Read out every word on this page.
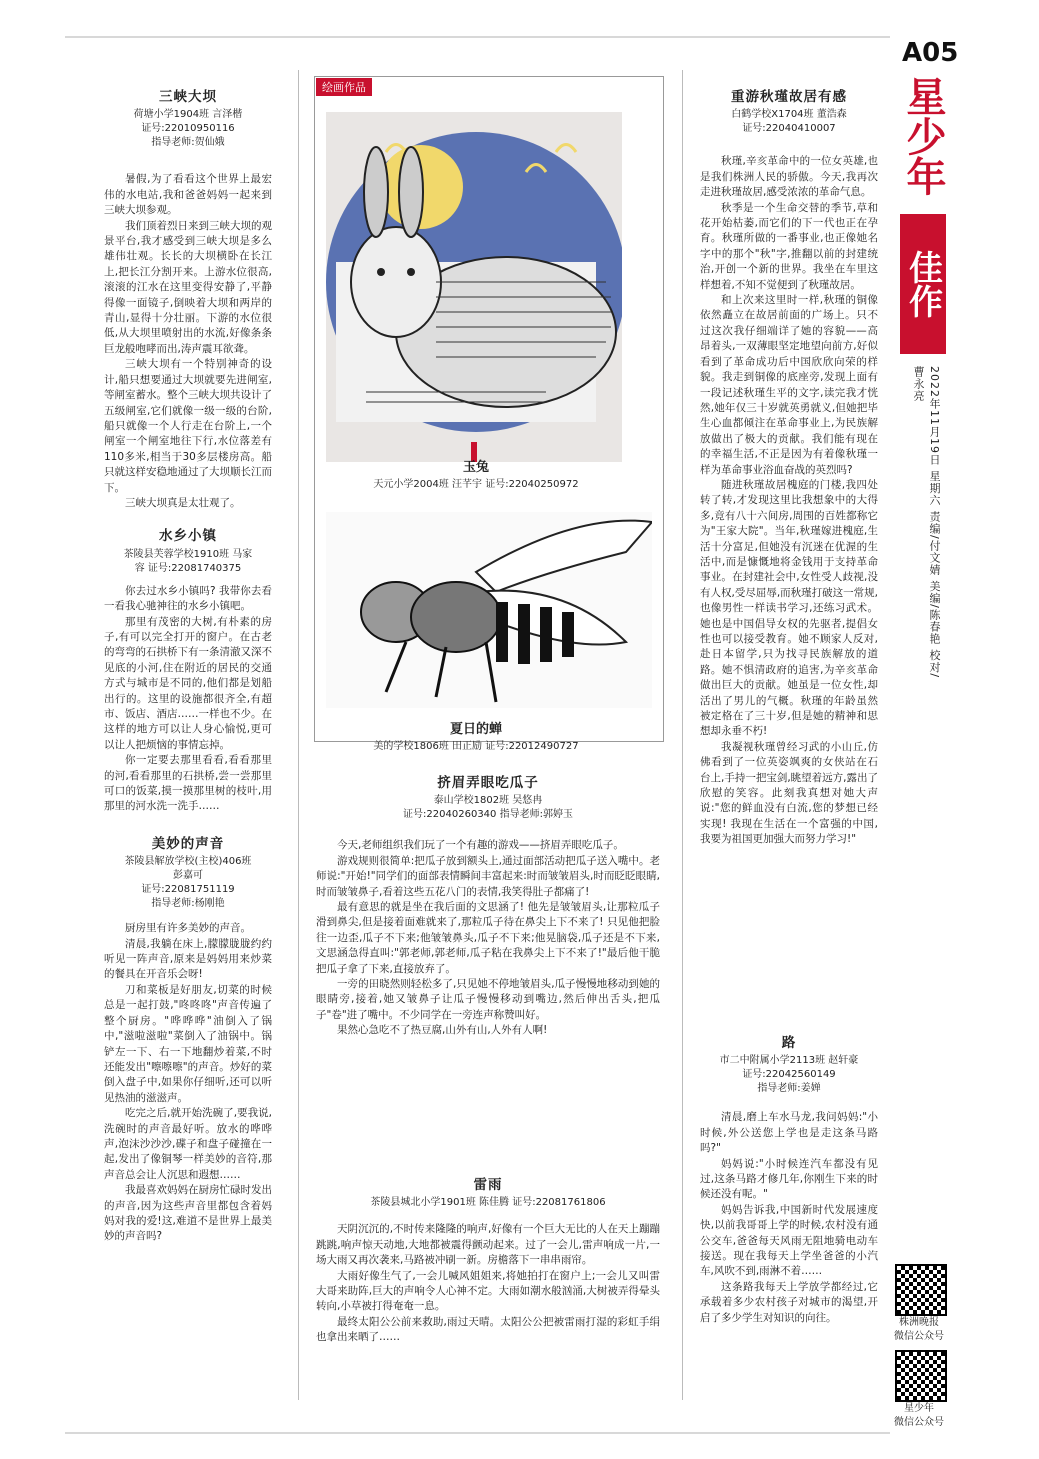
三峡大坝
荷塘小学1904班 言泽楷
证号:22010950116
指导老师:贺仙娥

暑假,为了看看这个世界上最宏伟的水电站,我和爸爸妈妈一起来到三峡大坝参观。

我们顶着烈日来到三峡大坝的观景平台,我才感受到三峡大坝是多么雄伟壮观。长长的大坝横卧在长江上,把长江分割开来。上游水位很高,滚滚的江水在这里变得安静了,平静得像一面镜子,倒映着大坝和两岸的青山,显得十分壮丽。下游的水位很低,从大坝里喷射出的水流,好像条条巨龙般咆哮而出,涛声震耳欲聋。

三峡大坝有一个特别神奇的设计,船只想要通过大坝就要先进闸室,等闸室蓄水。整个三峡大坝共设计了五级闸室,它们就像一级一级的台阶,船只就像一个人行走在台阶上,一个闸室一个闸室地往下行,水位落差有110多米,相当于30多层楼房高。船只就这样安稳地通过了大坝顺长江而下。

三峡大坝真是太壮观了。

水乡小镇
茶陵县芙蓉学校1910班 马家
容 证号:22081740375

你去过水乡小镇吗? 我带你去看一看我心驰神往的水乡小镇吧。

那里有茂密的大树,有朴素的房子,有可以完全打开的窗户。在古老的弯弯的石拱桥下有一条清澈又深不见底的小河,住在附近的居民的交通方式与城市是不同的,他们都是划船出行的。这里的设施都很齐全,有超市、饭店、酒店……一样也不少。在这样的地方可以让人身心愉悦,更可以让人把烦恼的事情忘掉。

你一定要去那里看看,看看那里的河,看看那里的石拱桥,尝一尝那里可口的饭菜,摸一摸那里树的枝叶,用那里的河水洗一洗手……

美妙的声音
茶陵县解放学校(主校)406班
彭嘉可
证号:22081751119
指导老师:杨刚艳

厨房里有许多美妙的声音。

清晨,我躺在床上,朦朦胧胧约约听见一阵声音,原来是妈妈用来炒菜的餐具在开音乐会呀!

刀和菜板是好朋友,切菜的时候总是一起打鼓,"咚咚咚"声音传遍了整个厨房。"哗哗哗"油倒入了锅中,"滋啦滋啦"菜倒入了油锅中。锅铲左一下、右一下地翻炒着菜,不时还能发出"嚓嚓嚓"的声音。炒好的菜倒入盘子中,如果你仔细听,还可以听见热油的滋滋声。

吃完之后,就开始洗碗了,要我说,洗碗时的声音最好听。放水的哗哗声,泡沫沙沙沙,碟子和盘子碰撞在一起,发出了像铜琴一样美妙的音符,那声音总会让人沉思和遐想……

我最喜欢妈妈在厨房忙碌时发出的声音,因为这些声音里都包含着妈妈对我的爱!这,难道不是世界上最美妙的声音吗?

绘画作品
玉兔
天元小学2004班 汪芊宇 证号:22040250972
夏日的蝉
美的学校1806班 田正励 证号:22012490727
挤眉弄眼吃瓜子
泰山学校1802班 吴悠冉
证号:22040260340 指导老师:郭婷玉

今天,老师组织我们玩了一个有趣的游戏——挤眉弄眼吃瓜子。

游戏规则很简单:把瓜子放到额头上,通过面部活动把瓜子送入嘴中。老师说:"开始!"同学们的面部表情瞬间丰富起来:时而皱皱眉头,时而眨眨眼睛,时而皱皱鼻子,看着这些五花八门的表情,我笑得肚子都痛了!

最有意思的就是坐在我后面的文思涵了! 他先是皱皱眉头,让那粒瓜子滑到鼻尖,但是接着面难就来了,那粒瓜子待在鼻尖上下不来了! 只见他把脸往一边歪,瓜子不下来;他皱皱鼻头,瓜子不下来;他晃脑袋,瓜子还是不下来,文思涵急得直叫:"郭老师,郭老师,瓜子粘在我鼻尖上下不来了!"最后他干脆把瓜子拿了下来,直接放弃了。

一旁的田晓然则轻松多了,只见她不停地皱眉头,瓜子慢慢地移动到她的眼睛旁,接着,她又皱鼻子让瓜子慢慢移动到嘴边,然后伸出舌头,把瓜子"卷"进了嘴中。不少同学在一旁连声称赞叫好。

果然心急吃不了热豆腐,山外有山,人外有人啊!

雷雨
茶陵县城北小学1901班 陈佳腾 证号:22081761806

天阴沉沉的,不时传来隆隆的响声,好像有一个巨大无比的人在天上蹦蹦跳跳,响声惊天动地,大地都被震得颤动起来。过了一会儿,雷声响成一片,一场大雨又再次袭来,马路被冲刷一新。房檐落下一串串雨帘。

大雨好像生气了,一会儿喊风姐姐来,将她拍打在窗户上;一会儿又叫雷大哥来助阵,巨大的声响令人心神不定。大雨如潮水般汹涌,大树被弄得晕头转向,小草被打得奄奄一息。

最终太阳公公前来救助,雨过天晴。太阳公公把被雷雨打湿的彩虹手绢也拿出来晒了……

重游秋瑾故居有感
白鹤学校X1704班 董浩森
证号:22040410007

秋瑾,辛亥革命中的一位女英雄,也是我们株洲人民的骄傲。今天,我再次走进秋瑾故居,感受浓浓的革命气息。

秋季是一个生命交替的季节,草和花开始枯萎,而它们的下一代也正在孕育。秋瑾所做的一番事业,也正像她名字中的那个"秋"字,推翻以前的封建统治,开创一个新的世界。我坐在车里这样想着,不知不觉便到了秋瑾故居。

和上次来这里时一样,秋瑾的铜像依然矗立在故居前面的广场上。只不过这次我仔细端详了她的容貌——高昂着头,一双薄眼坚定地望向前方,好似看到了革命成功后中国欣欣向荣的样貌。我走到铜像的底座旁,发现上面有一段记述秋瑾生平的文字,读完我才恍然,她年仅三十岁就英勇就义,但她把毕生心血都倾注在革命事业上,为民族解放做出了极大的贡献。我们能有现在的幸福生活,不正是因为有着像秋瑾一样为革命事业浴血奋战的英烈吗?

随进秋瑾故居槐庭的门楼,我四处转了转,才发现这里比我想象中的大得多,竟有八十六间房,周围的百姓都称它为"王家大院"。当年,秋瑾嫁进槐庭,生活十分富足,但她没有沉迷在优渥的生活中,而是慷慨地将金钱用于支持革命事业。在封建社会中,女性受人歧视,没有人权,受尽屈辱,而秋瑾打破这一常规,也像男性一样读书学习,还练习武术。她也是中国倡导女权的先驱者,提倡女性也可以接受教育。她不顾家人反对,赴日本留学,只为找寻民族解放的道路。她不惧清政府的追害,为辛亥革命做出巨大的贡献。她虽是一位女性,却活出了男儿的气概。秋瑾的年龄虽然被定格在了三十岁,但是她的精神和思想却永垂不朽!

我凝视秋瑾曾经习武的小山丘,仿佛看到了一位英姿飒爽的女侠站在石台上,手持一把宝剑,眺望着远方,露出了欣慰的笑容。此刻我真想对她大声说:"您的鲜血没有白流,您的梦想已经实现! 我现在生活在一个富强的中国,我要为祖国更加强大而努力学习!"

路
市二中附属小学2113班 赵轩豪
证号:22042560149
指导老师:姜婵

清晨,磨上车水马龙,我问妈妈:"小时候,外公送您上学也是走这条马路吗?"

妈妈说:"小时候连汽车都没有见过,这条马路才修几年,你刚生下来的时候还没有呢。"

妈妈告诉我,中国新时代发展速度快,以前我哥哥上学的时候,农村没有通公交车,爸爸每天风雨无阻地骑电动车接送。现在我每天上学坐爸爸的小汽车,风吹不到,雨淋不着……

这条路我每天上学放学都经过,它承载着多少农村孩子对城市的渴望,开启了多少学生对知识的向往。

A05
星少年
佳作
2022年11月19日 星期六 责编/付文婧 美编/陈春艳 校对/曹永亮
株洲晚报
微信公众号
星少年
微信公众号
